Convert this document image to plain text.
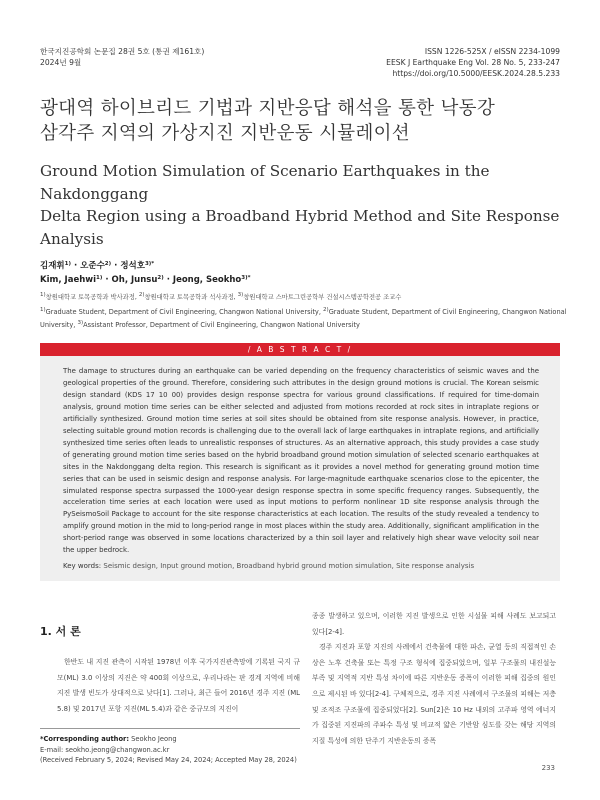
한국지진공학회 논문집 28권 5호 (통권 제161호)
2024년 9월
ISSN 1226-525X / eISSN 2234-1099
EESK J Earthquake Eng Vol. 28 No. 5, 233-247
https://doi.org/10.5000/EESK.2024.28.5.233
광대역 하이브리드 기법과 지반응답 해석을 통한 낙동강
삼각주 지역의 가상지진 지반운동 시뮬레이션
Ground Motion Simulation of Scenario Earthquakes in the Nakdonggang
Delta Region using a Broadband Hybrid Method and Site Response
Analysis
김재휘$^{1)}$ · 오준수$^{2)}$ · 정석호$^{3)*}$
Kim, Jaehwi$^{1)}$ · Oh, Junsu$^{2)}$ · Jeong, Seokho$^{3)*}$
$^{1)}$창원대학교 토목공학과 박사과정, $^{2)}$창원대학교 토목공학과 석사과정, $^{3)}$창원대학교 스마트그린공학부 건설시스템공학전공 조교수
$^{1)}$Graduate Student, Department of Civil Engineering, Changwon National University, $^{2)}$Graduate Student, Department of Civil Engineering, Changwon National University, $^{3)}$Assistant Professor, Department of Civil Engineering, Changwon National University
/ A B S T R A C T /
The damage to structures during an earthquake can be varied depending on the frequency characteristics of seismic waves and the geological properties of the ground. Therefore, considering such attributes in the design ground motions is crucial. The Korean seismic design standard (KDS 17 10 00) provides design response spectra for various ground classifications. If required for time-domain analysis, ground motion time series can be either selected and adjusted from motions recorded at rock sites in intraplate regions or artificially synthesized. Ground motion time series at soil sites should be obtained from site response analysis. However, in practice, selecting suitable ground motion records is challenging due to the overall lack of large earthquakes in intraplate regions, and artificially synthesized time series often leads to unrealistic responses of structures. As an alternative approach, this study provides a case study of generating ground motion time series based on the hybrid broadband ground motion simulation of selected scenario earthquakes at sites in the Nakdonggang delta region. This research is significant as it provides a novel method for generating ground motion time series that can be used in seismic design and response analysis. For large-magnitude earthquake scenarios close to the epicenter, the simulated response spectra surpassed the 1000-year design response spectra in some specific frequency ranges. Subsequently, the acceleration time series at each location were used as input motions to perform nonlinear 1D site response analysis through the PySeismoSoil Package to account for the site response characteristics at each location. The results of the study revealed a tendency to amplify ground motion in the mid to long-period range in most places within the study area. Additionally, significant amplification in the short-period range was observed in some locations characterized by a thin soil layer and relatively high shear wave velocity soil near the upper bedrock.
Key words: Seismic design, Input ground motion, Broadband hybrid ground motion simulation, Site response analysis
1. 서 론
한반도 내 지진 관측이 시작된 1978년 이후 국가지진관측망에 기록된 국지 규모(ML) 3.0 이상의 지진은 약 400회 이상으로, 우리나라는 판 경계 지역에 비해 지진 발생 빈도가 상대적으로 낮다[1]. 그러나, 최근 들어 2016년 경주 지진 (ML 5.8) 및 2017년 포항 지진(ML 5.4)과 같은 중규모의 지진이
종종 발생하고 있으며, 이러한 지진 발생으로 인한 시설물 피해 사례도 보고되고 있다[2-4].
경주 지진과 포항 지진의 사례에서 건축물에 대한 파손, 균열 등의 직접적인 손상은 노후 건축물 또는 특정 구조 형식에 집중되었으며, 일부 구조물의 내진설능 부족 및 지역적 지반 특성 차이에 따른 지반운동 증폭이 이러한 피해 집중의 원인으로 제시된 바 있다[2-4]. 구체적으로, 경주 지진 사례에서 구조물의 피해는 저층 및 조적조 구조물에 집중되었다[2]. Sun[2]은 10 Hz 내외의 고주파 영역 에너지가 집중된 지진파의 주파수 특성 및 비교적 얇은 기반암 심도를 갖는 해당 지역의 지질 특성에 의한 단주기 지반운동의 증폭
*Corresponding author: Seokho Jeong
E-mail: seokho.jeong@changwon.ac.kr
(Received February 5, 2024; Revised May 24, 2024; Accepted May 28, 2024)
233
